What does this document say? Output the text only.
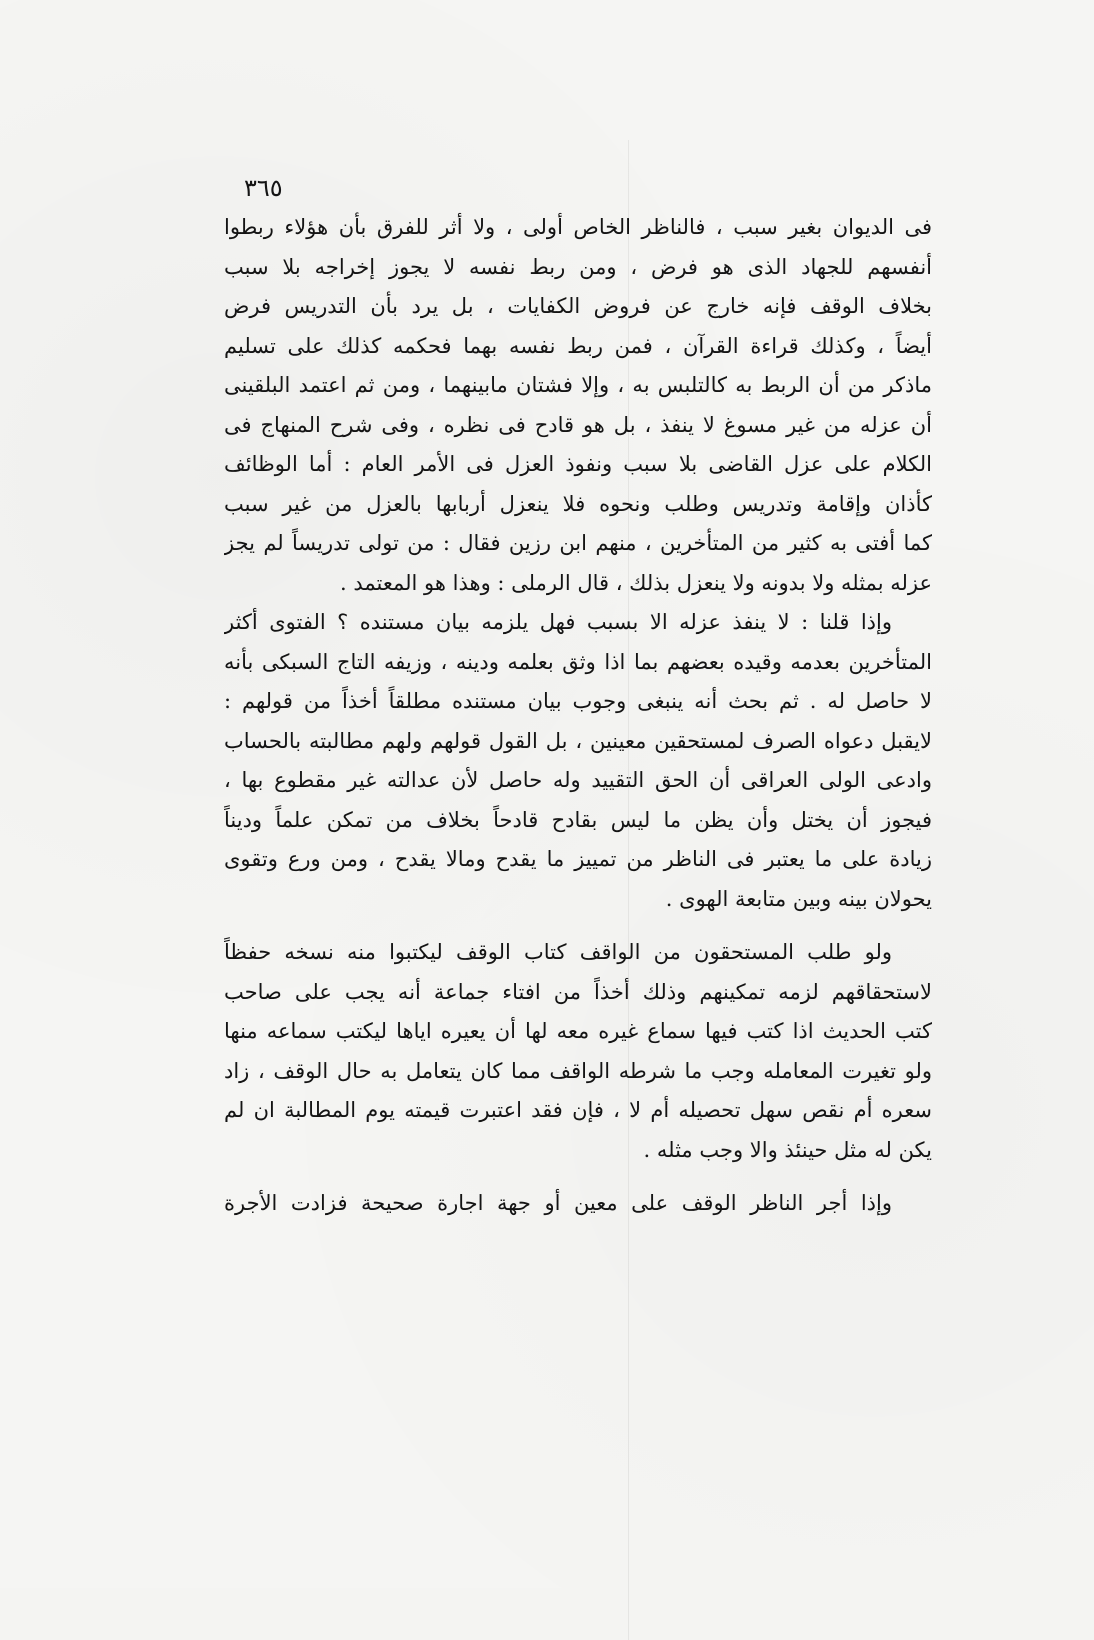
٣٦٥
فى الديوان بغير سبب ، فالناظر الخاص أولى ، ولا أثر للفرق بأن هؤلاء ربطوا
أنفسهم للجهاد الذى هو فرض ، ومن ربط نفسه لا يجوز إخراجه بلا سبب
بخلاف الوقف فإنه خارج عن فروض الكفايات ، بل يرد بأن التدريس فرض
أيضاً ، وكذلك قراءة القرآن ، فمن ربط نفسه بهما فحكمه كذلك على تسليم
ماذكر من أن الربط به كالتلبس به ، وإلا فشتان مابينهما ، ومن ثم اعتمد البلقينى
أن عزله من غير مسوغ لا ينفذ ، بل هو قادح فى نظره ، وفى شرح المنهاج فى
الكلام على عزل القاضى بلا سبب ونفوذ العزل فى الأمر العام : أما الوظائف
كأذان وإقامة وتدريس وطلب ونحوه فلا ينعزل أربابها بالعزل من غير سبب
كما أفتى به كثير من المتأخرين ، منهم ابن رزين فقال : من تولى تدريساً لم يجز
عزله بمثله ولا بدونه ولا ينعزل بذلك ، قال الرملى : وهذا هو المعتمد .
وإذا قلنا : لا ينفذ عزله الا بسبب فهل يلزمه بيان مستنده ؟ الفتوى أكثر
المتأخرين بعدمه وقيده بعضهم بما اذا وثق بعلمه ودينه ، وزيفه التاج السبكى بأنه
لا حاصل له . ثم بحث أنه ينبغى وجوب بيان مستنده مطلقاً أخذاً من قولهم :
لايقبل دعواه الصرف لمستحقين معينين ، بل القول قولهم ولهم مطالبته بالحساب
وادعى الولى العراقى أن الحق التقييد وله حاصل لأن عدالته غير مقطوع بها ،
فيجوز أن يختل وأن يظن ما ليس بقادح قادحاً بخلاف من تمكن علماً وديناً
زيادة على ما يعتبر فى الناظر من تمييز ما يقدح ومالا يقدح ، ومن ورع وتقوى
يحولان بينه وبين متابعة الهوى .
ولو طلب المستحقون من الواقف كتاب الوقف ليكتبوا منه نسخه حفظاً
لاستحقاقهم لزمه تمكينهم وذلك أخذاً من افتاء جماعة أنه يجب على صاحب
كتب الحديث اذا كتب فيها سماع غيره معه لها أن يعيره اياها ليكتب سماعه منها
ولو تغيرت المعامله وجب ما شرطه الواقف مما كان يتعامل به حال الوقف ، زاد
سعره أم نقص سهل تحصيله أم لا ، فإن فقد اعتبرت قيمته يوم المطالبة ان لم
يكن له مثل حينئذ والا وجب مثله .
وإذا أجر الناظر الوقف على معين أو جهة اجارة صحيحة فزادت الأجرة
